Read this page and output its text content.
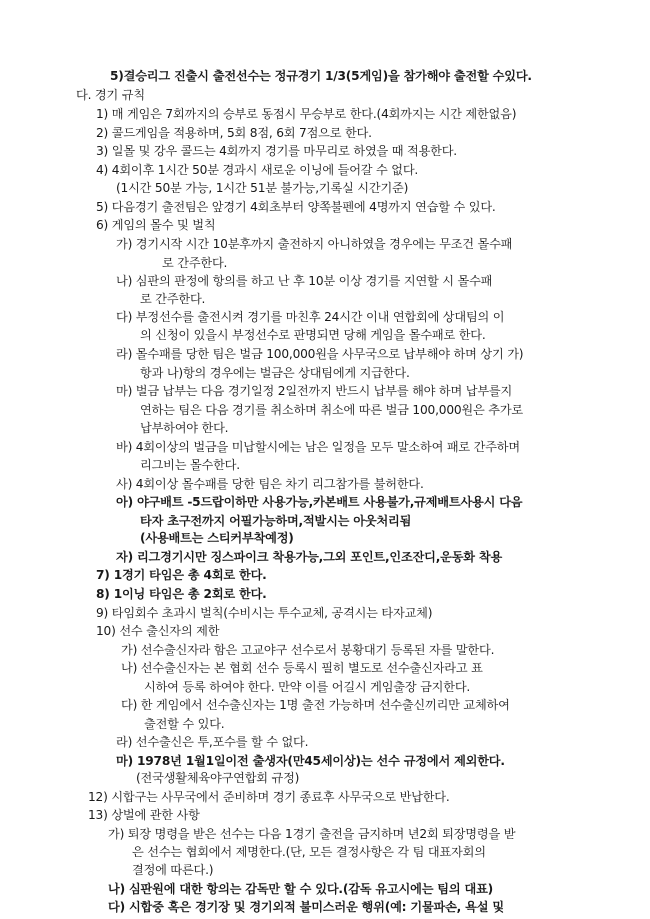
5)결승리그 진출시 출전선수는 정규경기 1/3(5게임)을 참가해야 출전할 수있다.
다. 경기 규칙
1) 매 게임은 7회까지의 승부로 동점시 무승부로 한다.(4회까지는 시간 제한없음)
2) 콜드게임을 적용하며, 5회 8점, 6회 7점으로 한다.
3) 일몰 및 강우 콜드는 4회까지 경기를 마무리로 하였을 때 적용한다.
4) 4회이후 1시간 50분 경과시 새로운 이닝에 들어갈 수 없다.
(1시간 50분 가능, 1시간 51분 불가능,기록실 시간기준)
5) 다음경기 출전팀은 앞경기 4회초부터 양쪽불펜에 4명까지 연습할 수 있다.
6) 게임의 몰수 및 벌칙
가) 경기시작 시간 10분후까지 출전하지 아니하였을 경우에는 무조건 몰수패
로 간주한다.
나) 심판의 판정에 항의를 하고 난 후 10분 이상 경기를 지연할 시 몰수패
로 간주한다.
다) 부정선수를 출전시켜 경기를 마친후 24시간 이내 연합회에 상대팀의 이
의 신청이 있을시 부정선수로 판명되면 당해 게임을 몰수패로 한다.
라) 몰수패를 당한 팀은 벌금 100,000원을 사무국으로 납부해야 하며 상기 가)
항과 나)항의 경우에는 벌금은 상대팀에게 지급한다.
마) 벌금 납부는 다음 경기일정 2일전까지 반드시 납부를 해야 하며 납부를지
연하는 팀은 다음 경기를 취소하며 취소에 따른 벌금 100,000원은 추가로
납부하여야 한다.
바) 4회이상의 벌금을 미납할시에는 남은 일정을 모두 말소하여 패로 간주하며
리그비는 몰수한다.
사) 4회이상 몰수패를 당한 팀은 차기 리그참가를 불허한다.
아) 야구배트 -5드랍이하만 사용가능,카본배트 사용불가,규제배트사용시 다음
타자 초구전까지 어필가능하며,적발시는 아웃처리됨
(사용배트는 스티커부착예정)
자) 리그경기시만 징스파이크 착용가능,그외 포인트,인조잔디,운동화 착용
7) 1경기 타임은 총 4회로 한다.
8) 1이닝 타임은 총 2회로 한다.
9) 타임회수 초과시 벌칙(수비시는 투수교체, 공격시는 타자교체)
10) 선수 출신자의 제한
가) 선수출신자라 함은 고교야구 선수로서 봉황대기 등록된 자를 말한다.
나) 선수출신자는 본 협회 선수 등록시 필히 별도로 선수출신자라고 표
시하여 등록 하여야 한다. 만약 이를 어길시 게임출장 금지한다.
다) 한 게임에서 선수출신자는 1명 출전 가능하며 선수출신끼리만 교체하여
출전할 수 있다.
라) 선수출신은 투,포수를 할 수 없다.
마) 1978년 1월1일이전 출생자(만45세이상)는 선수 규정에서 제외한다.
(전국생활체육야구연합회 규정)
12) 시합구는 사무국에서 준비하며 경기 종료후 사무국으로 반납한다.
13) 상벌에 관한 사항
가) 퇴장 명령을 받은 선수는 다음 1경기 출전을 금지하며 년2회 퇴장명령을 받
은 선수는 협회에서 제명한다.(단, 모든 결정사항은 각 팀 대표자회의
결정에 따른다.)
나) 심판원에 대한 항의는 감독만 할 수 있다.(감독 유고시에는 팀의 대표)
다) 시합중 혹은 경기장 및 경기외적 불미스러운 행위(예: 기물파손, 욕설 및
